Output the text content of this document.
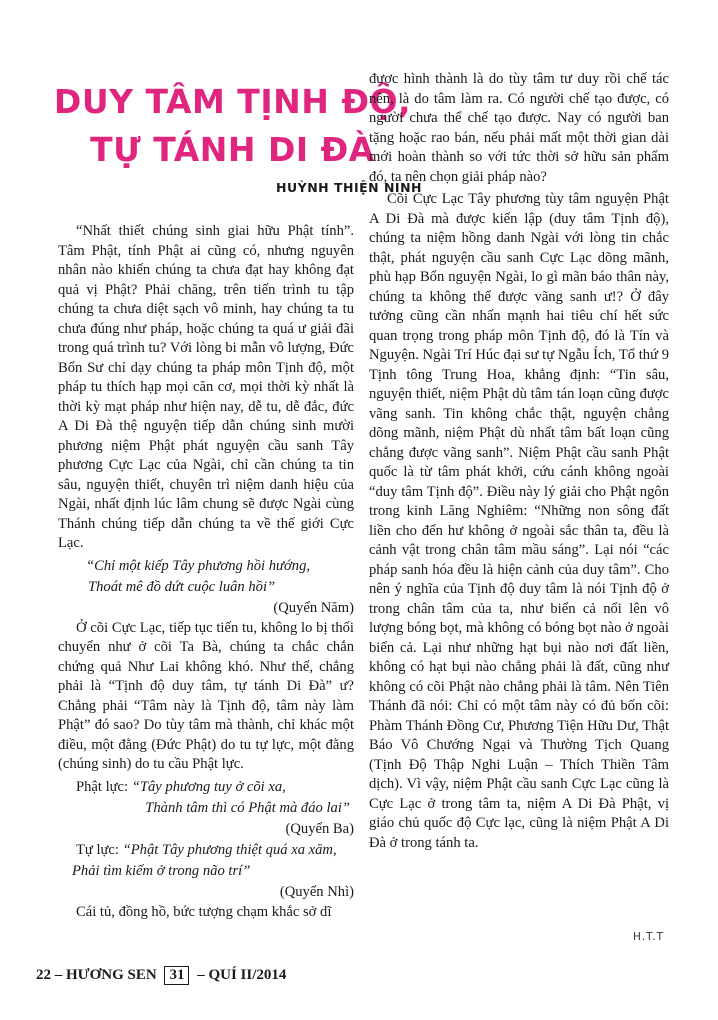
DUY TÂM TỊNH ĐỘ,
TỰ TÁNH DI ĐÀ
HUỲNH THIỆN NINH

“Nhất thiết chúng sinh giai hữu Phật tính”. Tâm Phật, tính Phật ai cũng có, nhưng nguyên nhân nào khiến chúng ta chưa đạt hay không đạt quả vị Phật? Phải chăng, trên tiến trình tu tập chúng ta chưa diệt sạch vô minh, hay chúng ta tu chưa đúng như pháp, hoặc chúng ta quá ư giải đãi trong quá trình tu? Với lòng bi mẫn vô lượng, Đức Bổn Sư chỉ dạy chúng ta pháp môn Tịnh độ, một pháp tu thích hạp mọi căn cơ, mọi thời kỳ nhất là thời kỳ mạt pháp như hiện nay, dễ tu, dễ đắc, đức A Di Đà thệ nguyện tiếp dẫn chúng sinh mười phương niệm Phật phát nguyện cầu sanh Tây phương Cực Lạc của Ngài, chỉ cần chúng ta tin sâu, nguyện thiết, chuyên trì niệm danh hiệu của Ngài, nhất định lúc lâm chung sẽ được Ngài cùng Thánh chúng tiếp dẫn chúng ta về thế giới Cực Lạc.

“Chỉ một kiếp Tây phương hồi hướng,
Thoát mê đồ dứt cuộc luân hồi”
(Quyển Năm)

Ở cõi Cực Lạc, tiếp tục tiến tu, không lo bị thối chuyển như ở cõi Ta Bà, chúng ta chắc chắn chứng quả Như Lai không khó. Như thế, chẳng phải là “Tịnh độ duy tâm, tự tánh Di Đà” ư? Chẳng phải “Tâm này là Tịnh độ, tâm này làm Phật” đó sao? Do tùy tâm mà thành, chỉ khác một điều, một đằng (Đức Phật) do tu tự lực, một đằng (chúng sinh) do tu cầu Phật lực.

Phật lực: “Tây phương tuy ở cõi xa,
Thành tâm thì có Phật mà đáo lai”
(Quyển Ba)
Tự lực: “Phật Tây phương thiệt quá xa xăm,
Phải tìm kiếm ở trong não trí”
(Quyển Nhì)

Cái tủ, đồng hồ, bức tượng chạm khắc sở dĩ

được hình thành là do tùy tâm tư duy rồi chế tác nên, là do tâm làm ra. Có người chế tạo được, có người chưa thể chế tạo được. Nay có người ban tặng hoặc rao bán, nếu phải mất một thời gian dài mới hoàn thành so với tức thời sở hữu sản phẩm đó, ta nên chọn giải pháp nào?

Cõi Cực Lạc Tây phương tùy tâm nguyện Phật A Di Đà mà được kiến lập (duy tâm Tịnh độ), chúng ta niệm hồng danh Ngài với lòng tin chắc thật, phát nguyện cầu sanh Cực Lạc dõng mãnh, phù hạp Bổn nguyện Ngài, lo gì mãn báo thân này, chúng ta không thể được vãng sanh ư!? Ở đây tưởng cũng cần nhấn mạnh hai tiêu chí hết sức quan trọng trong pháp môn Tịnh độ, đó là Tín và Nguyện. Ngài Trí Húc đại sư tự Ngẫu Ích, Tổ thứ 9 Tịnh tông Trung Hoa, khẳng định: “Tin sâu, nguyện thiết, niệm Phật dù tâm tán loạn cũng được vãng sanh. Tin không chắc thật, nguyện chẳng dõng mãnh, niệm Phật dù nhất tâm bất loạn cũng chẳng được vãng sanh”. Niệm Phật cầu sanh Phật quốc là từ tâm phát khởi, cứu cánh không ngoài “duy tâm Tịnh độ”. Điều này lý giải cho Phật ngôn trong kinh Lăng Nghiêm: “Những non sông đất liền cho đến hư không ở ngoài sắc thân ta, đều là cảnh vật trong chân tâm mầu sáng”. Lại nói “các pháp sanh hóa đều là hiện cảnh của duy tâm”. Cho nên ý nghĩa của Tịnh độ duy tâm là nói Tịnh độ ở trong chân tâm của ta, như biển cả nổi lên vô lượng bóng bọt, mà không có bóng bọt nào ở ngoài biển cả. Lại như những hạt bụi nào nơi đất liền, không có hạt bụi nào chẳng phải là đất, cũng như không có cõi Phật nào chẳng phải là tâm. Nên Tiên Thánh đã nói: Chỉ có một tâm này có đủ bốn cõi: Phàm Thánh Đồng Cư, Phương Tiện Hữu Dư, Thật Báo Vô Chướng Ngại và Thường Tịch Quang (Tịnh Độ Thập Nghi Luận – Thích Thiền Tâm dịch). Vì vậy, niệm Phật cầu sanh Cực Lạc cũng là Cực Lạc ở trong tâm ta, niệm A Di Đà Phật, vị giáo chủ quốc độ Cực lạc, cũng là niệm Phật A Di Đà ở trong tánh ta.

H.T.T
22 – HƯƠNG SEN 31 – QUÍ II/2014
